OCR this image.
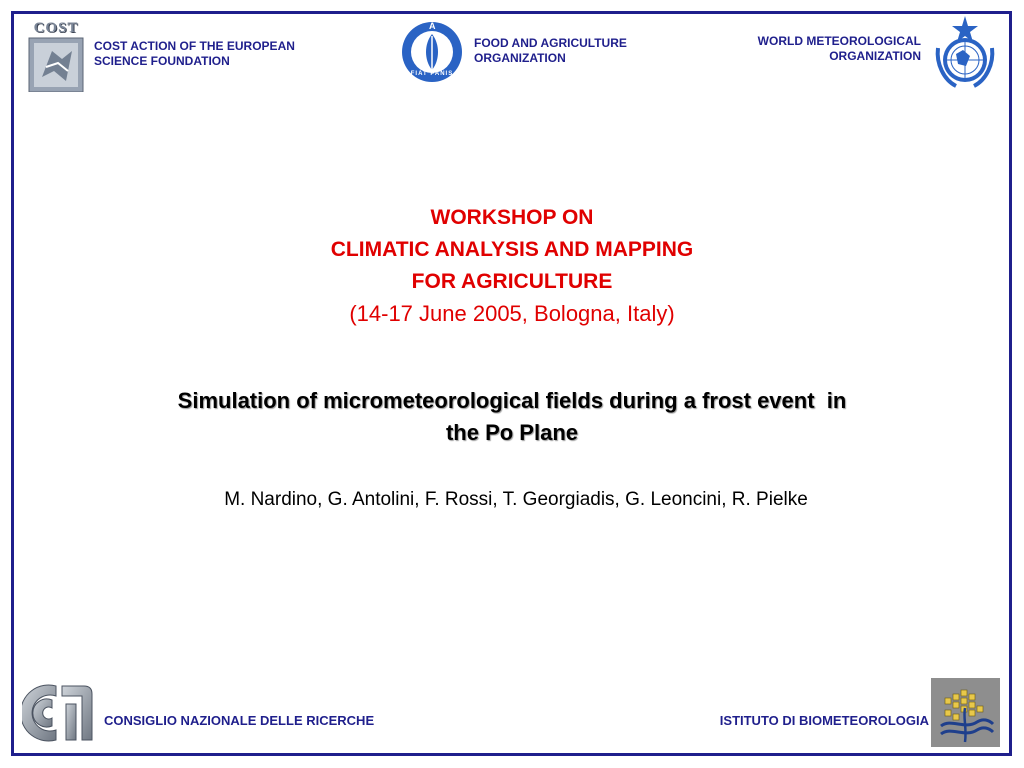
COST
COST ACTION OF THE EUROPEAN
SCIENCE FOUNDATION
FAO
FIAT PANIS
FOOD AND AGRICULTURE
ORGANIZATION
WORLD METEOROLOGICAL
ORGANIZATION
WORKSHOP ON
CLIMATIC ANALYSIS AND MAPPING
FOR AGRICULTURE
(14-17 June 2005, Bologna, Italy)
Simulation of micrometeorological fields during a frost event  in
the Po Plane
M. Nardino, G. Antolini, F. Rossi, T. Georgiadis, G. Leoncini, R. Pielke
CONSIGLIO NAZIONALE DELLE RICERCHE	ISTITUTO DI BIOMETEOROLOGIA
